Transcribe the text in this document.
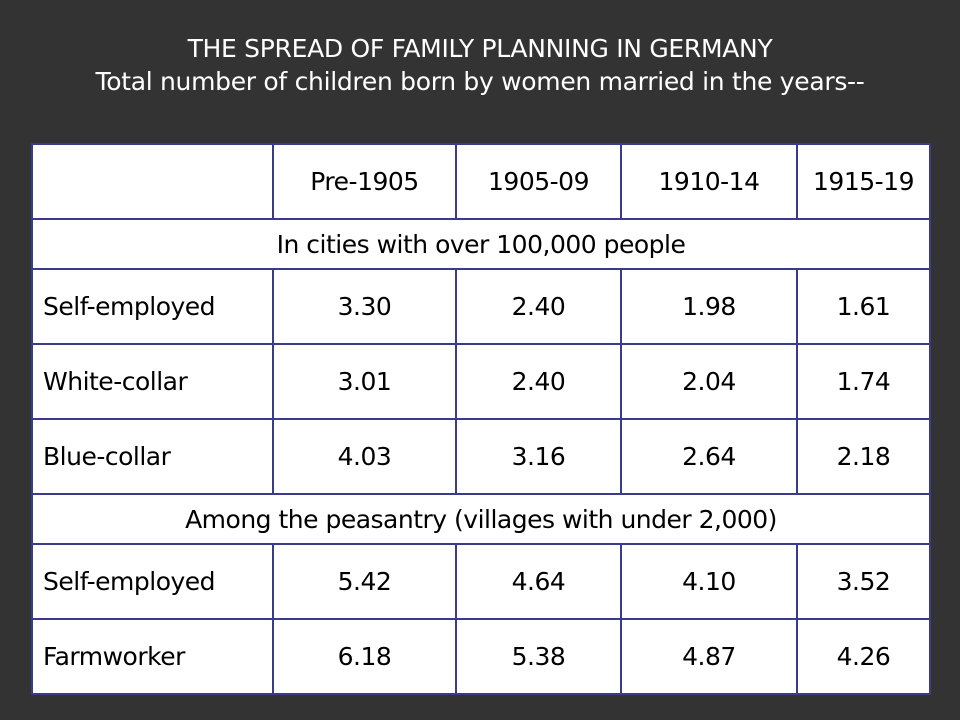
THE SPREAD OF FAMILY PLANNING IN GERMANY
Total number of children born by women married in the years--
	Pre-1905	1905-09	1910-14	1915-19
In cities with over 100,000 people				
Self-employed	3.30	2.40	1.98	1.61
White-collar	3.01	2.40	2.04	1.74
Blue-collar	4.03	3.16	2.64	2.18
Among the peasantry (villages with under 2,000)				
Self-employed	5.42	4.64	4.10	3.52
Farmworker	6.18	5.38	4.87	4.26
